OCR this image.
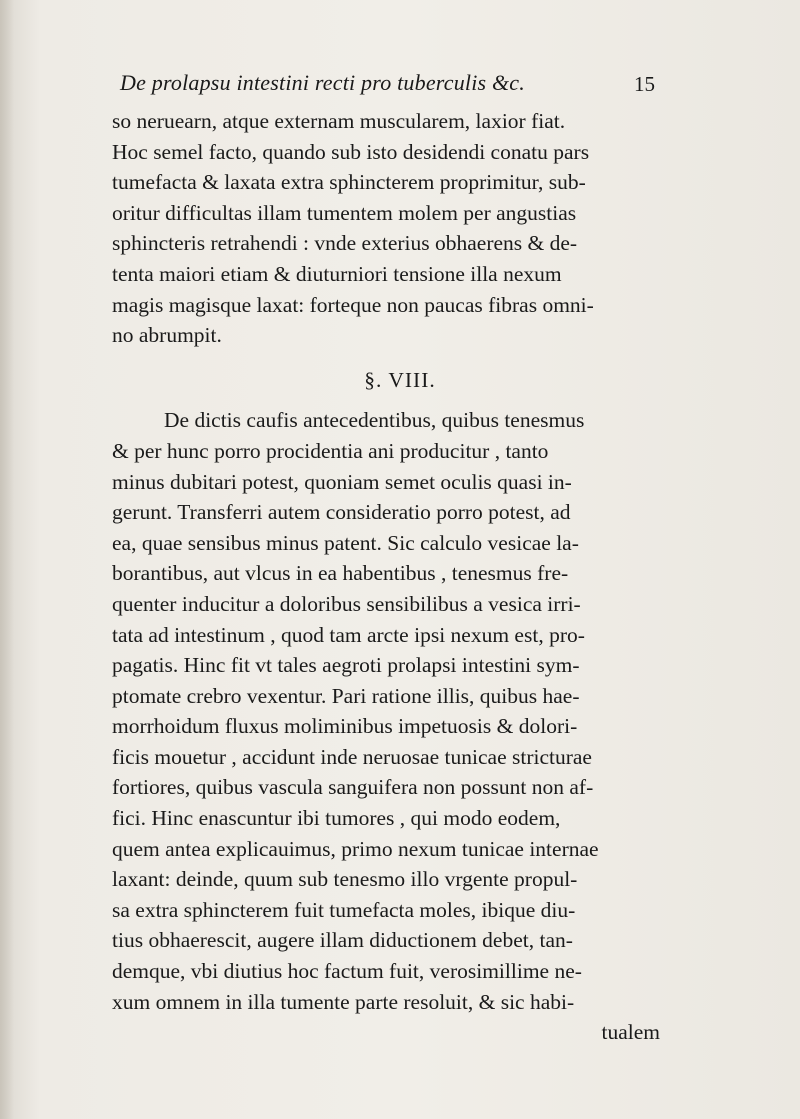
De prolapsu intestini recti pro tuberculis &c.	15
so neruearn, atque externam muscularem, laxior fiat.
Hoc semel facto, quando sub isto desidendi conatu pars
tumefacta & laxata extra sphincterem proprimitur, sub-
oritur difficultas illam tumentem molem per angustias
sphincteris retrahendi : vnde exterius obhaerens & de-
tenta maiori etiam & diuturniori tensione illa nexum
magis magisque laxat: forteque non paucas fibras omni-
no abrumpit.
§. VIII.
De dictis caufis antecedentibus, quibus tenesmus
& per hunc porro procidentia ani producitur , tanto
minus dubitari potest, quoniam semet oculis quasi in-
gerunt. Transferri autem consideratio porro potest, ad
ea, quae sensibus minus patent. Sic calculo vesicae la-
borantibus, aut vlcus in ea habentibus , tenesmus fre-
quenter inducitur a doloribus sensibilibus a vesica irri-
tata ad intestinum , quod tam arcte ipsi nexum est, pro-
pagatis. Hinc fit vt tales aegroti prolapsi intestini sym-
ptomate crebro vexentur. Pari ratione illis, quibus hae-
morrhoidum fluxus moliminibus impetuosis & dolori-
ficis mouetur , accidunt inde neruosae tunicae stricturae
fortiores, quibus vascula sanguifera non possunt non af-
fici. Hinc enascuntur ibi tumores , qui modo eodem,
quem antea explicauimus, primo nexum tunicae internae
laxant: deinde, quum sub tenesmo illo vrgente propul-
sa extra sphincterem fuit tumefacta moles, ibique diu-
tius obhaerescit, augere illam diductionem debet, tan-
demque, vbi diutius hoc factum fuit, verosimillime ne-
xum omnem in illa tumente parte resoluit, & sic habi-
tualem
